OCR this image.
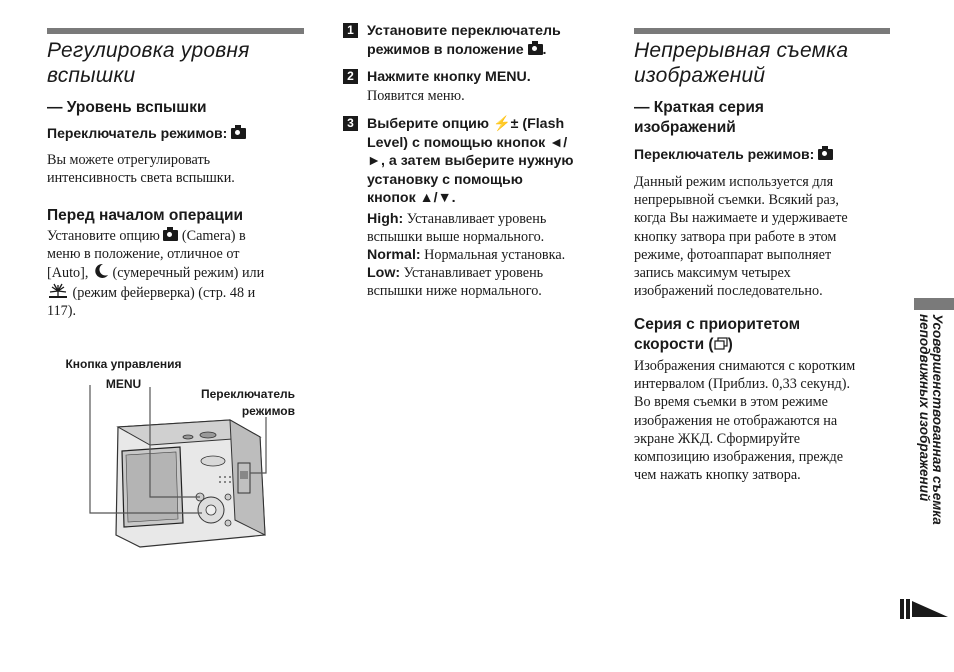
Регулировка уровня
вспышки
— Уровень вспышки
Переключатель режимов:
Вы можете отрегулировать
интенсивность света вспышки.
Перед началом операции
Установите опцию (Camera) в
меню в положение, отличное от
[Auto], (сумеречный режим) или
(режим фейерверка) (стр. 48 и
117).
Кнопка управления
MENU
Переключатель
режимов
1 Установите переключатель
режимов в положение .
2 Нажмите кнопку MENU.
Появится меню.
3 Выберите опцию ⚡± (Flash
Level) с помощью кнопок ◄/
►, а затем выберите нужную
установку с помощью
кнопок ▲/▼.
High: Устанавливает уровень
вспышки выше нормального.
Normal: Нормальная установка.
Low: Устанавливает уровень
вспышки ниже нормального.
Непрерывная съемка
изображений
— Краткая серия
изображений
Переключатель режимов:
Данный режим используется для
непрерывной съемки. Всякий раз,
когда Вы нажимаете и удерживаете
кнопку затвора при работе в этом
режиме, фотоаппарат выполняет
запись максимум четырех
изображений последовательно.
Серия с приоритетом
скорости ( )
Изображения снимаются с коротким
интервалом (Приблиз. 0,33 секунд).
Во время съемки в этом режиме
изображения не отображаются на
экране ЖКД. Сформируйте
композицию изображения, прежде
чем нажать кнопку затвора.	Усовершенствованная съемка
неподвижных изображений
